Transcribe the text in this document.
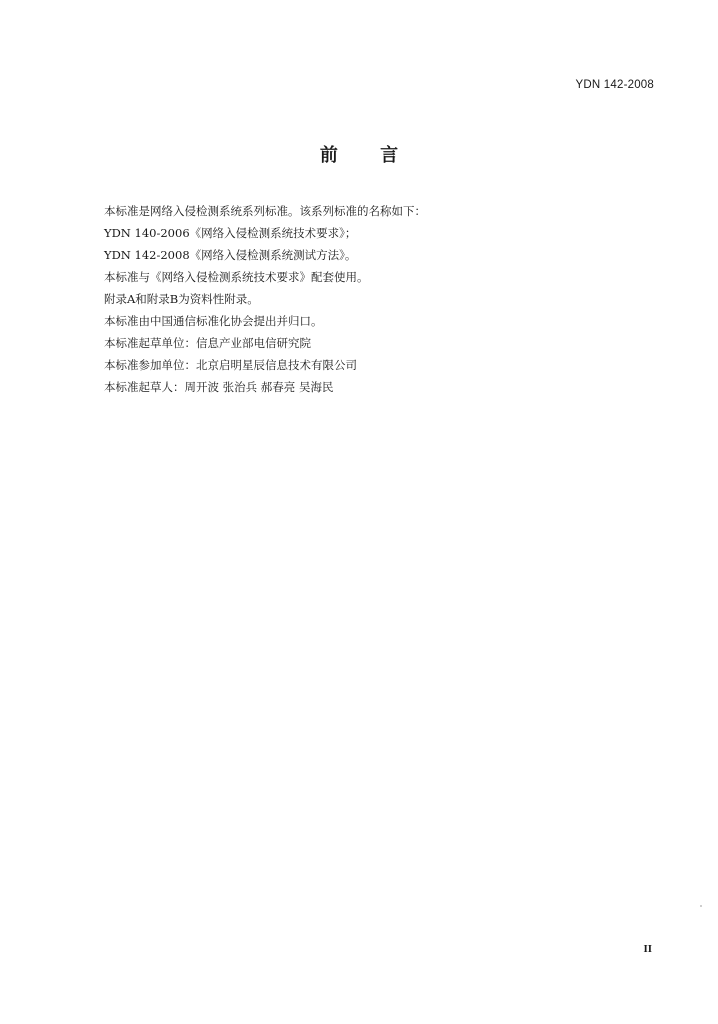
YDN 142-2008
前 言
本标准是网络入侵检测系统系列标准。该系列标准的名称如下：
YDN 140-2006《网络入侵检测系统技术要求》；
YDN 142-2008《网络入侵检测系统测试方法》。
本标准与《网络入侵检测系统技术要求》配套使用。
附录A和附录B为资料性附录。
本标准由中国通信标准化协会提出并归口。
本标准起草单位：信息产业部电信研究院
本标准参加单位：北京启明星辰信息技术有限公司
本标准起草人：周开波 张治兵 郝春亮 吴海民
II
